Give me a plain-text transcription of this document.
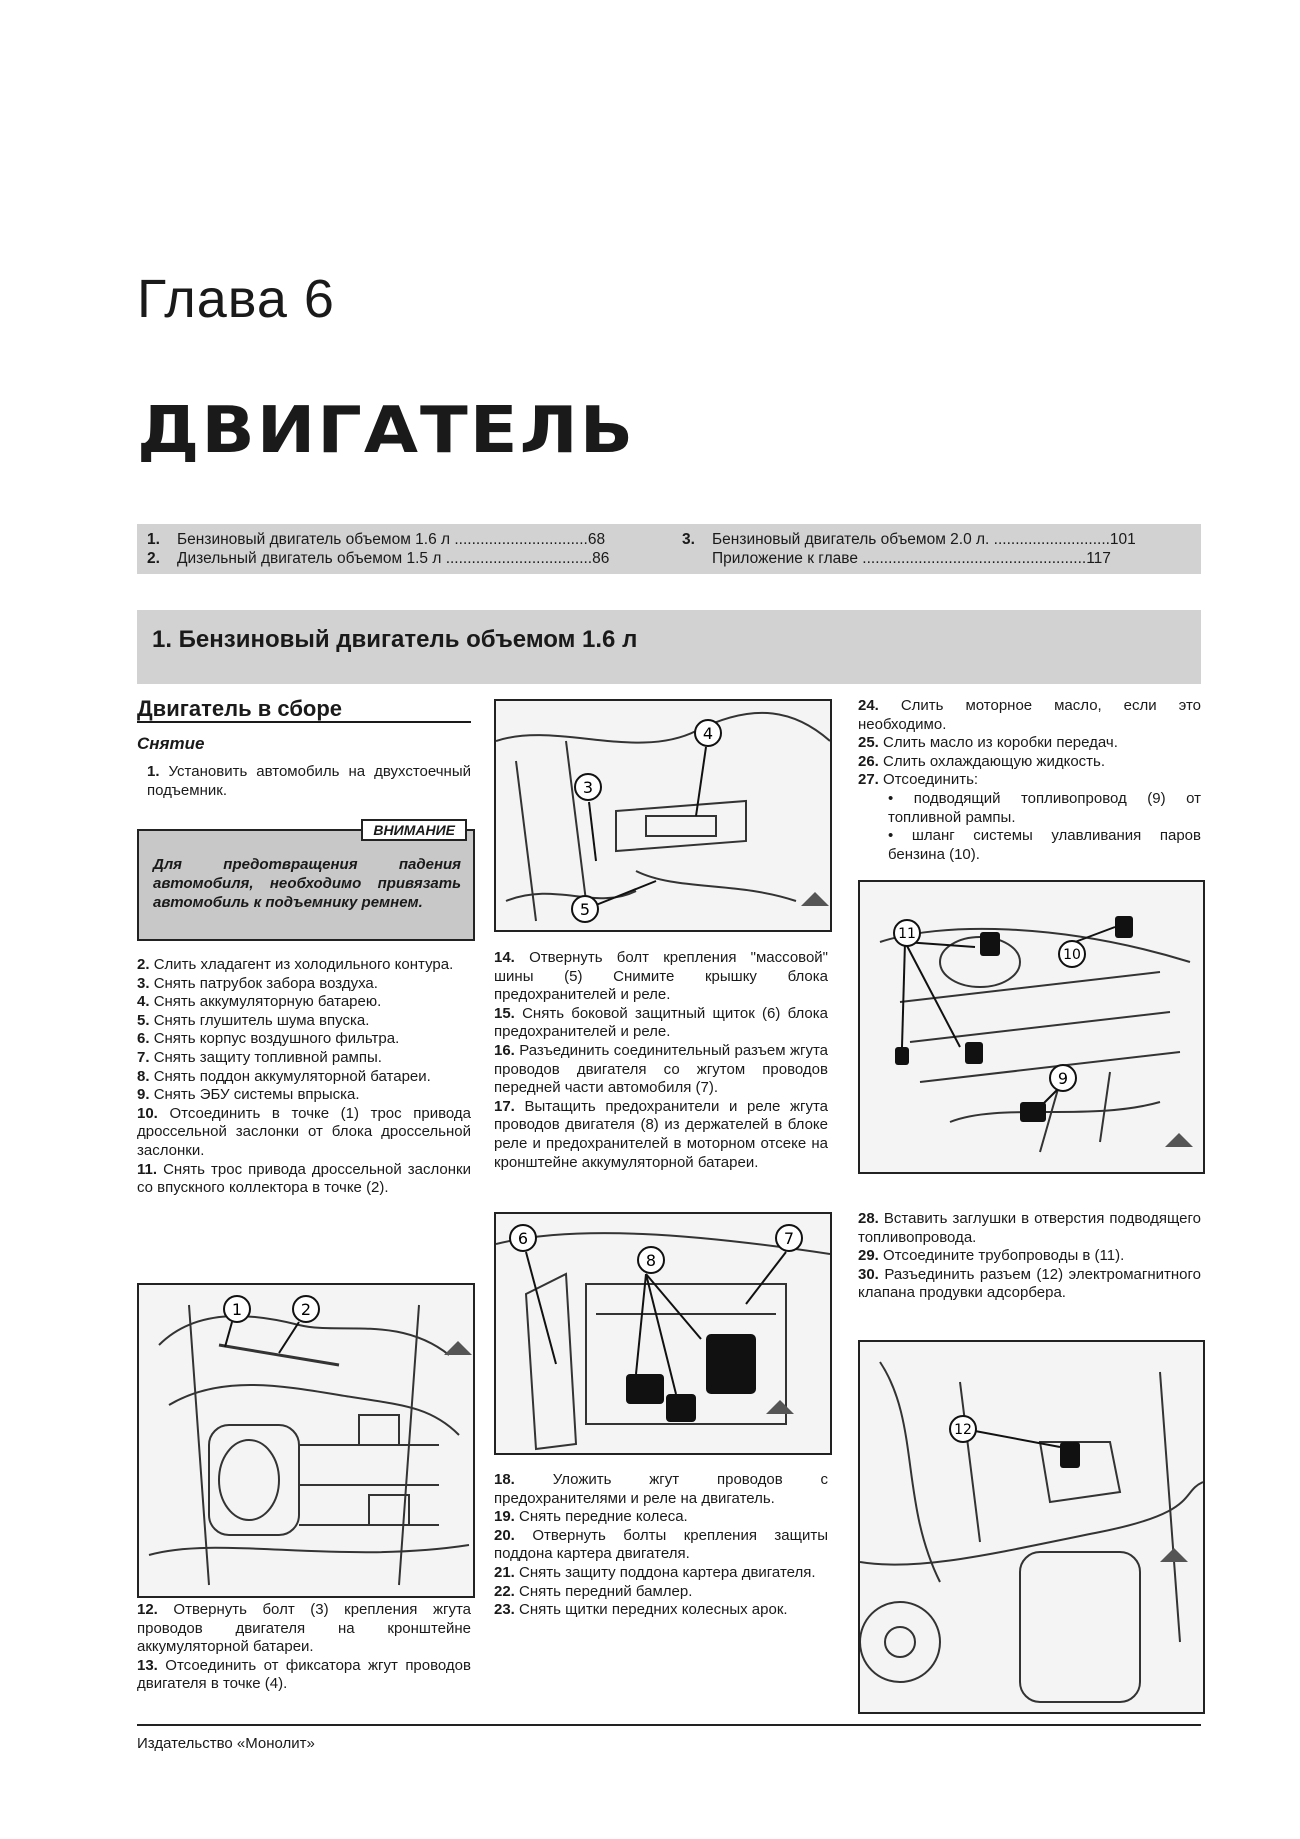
Глава 6
ДВИГАТЕЛЬ
1.	Бензиновый двигатель объемом 1.6 л ...............................68
2.	Дизельный двигатель объемом 1.5 л ..................................86
3.	Бензиновый двигатель объемом 2.0 л. ...........................101
Приложение к главе ....................................................117
1. Бензиновый двигатель объемом 1.6 л

Двигатель в сборе

Снятие

1. Установить автомобиль на двухстоечный подъемник.

ВНИМАНИЕ
Для предотвращения падения автомобиля, необходимо привязать автомобиль к подъемнику ремнем.

2. Слить хладагент из холодильного контура.

3. Снять патрубок забора воздуха.

4. Снять аккумуляторную батарею.

5. Снять глушитель шума впуска.

6. Снять корпус воздушного фильтра.

7. Снять защиту топливной рампы.

8. Снять поддон аккумуляторной батареи.

9. Снять ЭБУ системы впрыска.

10. Отсоединить в точке (1) трос привода дроссельной заслонки от блока дроссельной заслонки.

11. Снять трос привода дроссельной заслонки со впускного коллектора в точке (2).

1	2

12. Отвернуть болт (3) крепления жгута проводов двигателя на кронштейне аккумуляторной батареи.

13. Отсоединить от фиксатора жгут проводов двигателя в точке (4).

3
4
5

14. Отвернуть болт крепления "массовой" шины (5) Снимите крышку блока предохранителей и реле.

15. Снять боковой защитный щиток (6) блока предохранителей и реле.

16. Разъединить соединительный разъем жгута проводов двигателя со жгутом проводов передней части автомобиля (7).

17. Вытащить предохранители и реле жгута проводов двигателя (8) из держателей в блоке реле и предохранителей в моторном отсеке на кронштейне аккумуляторной батареи.

6
8
7

18.	Уложить жгут проводов с предохранителями и реле на двигатель.

19. Снять передние колеса.

20. Отвернуть болты крепления защиты поддона картера двигателя.

21. Снять защиту поддона картера двигателя.

22. Снять передний бамлер.

23. Снять щитки передних колесных арок.

24. Слить моторное масло, если это необходимо.

25. Слить масло из коробки передач.

26. Слить охлаждающую жидкость.

27. Отсоединить:

• подводящий топливопровод (9) от топливной рампы.

• шланг системы улавливания паров бензина (10).

11
10
9

28. Вставить заглушки в отверстия подводящего топливопровода.

29. Отсоедините трубопроводы в (11).

30. Разъединить разъем (12) электромагнитного клапана продувки адсорбера.

12
Издательство «Монолит»
